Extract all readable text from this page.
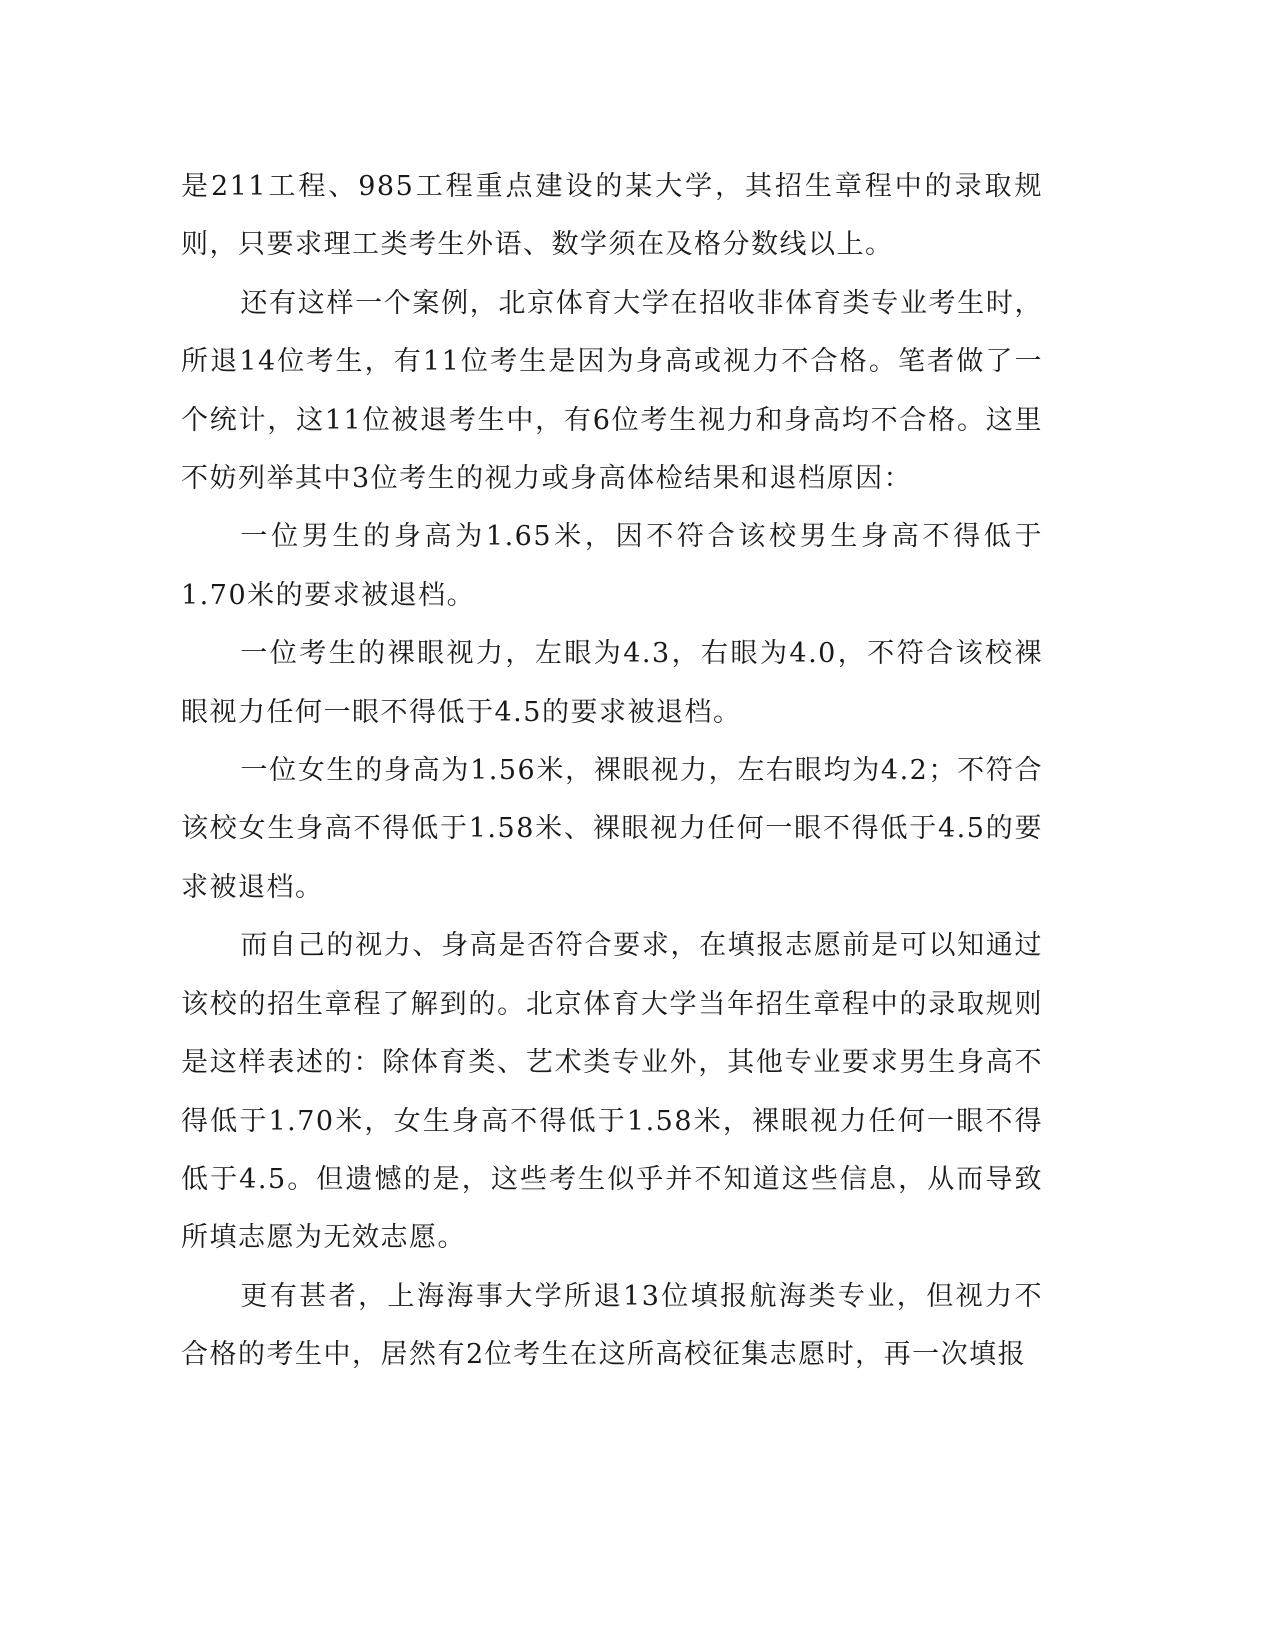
是211工程、985工程重点建设的某大学，其招生章程中的录取规则，只要求理工类考生外语、数学须在及格分数线以上。

还有这样一个案例，北京体育大学在招收非体育类专业考生时，所退14位考生，有11位考生是因为身高或视力不合格。笔者做了一个统计，这11位被退考生中，有6位考生视力和身高均不合格。这里不妨列举其中3位考生的视力或身高体检结果和退档原因：

一位男生的身高为1.65米，因不符合该校男生身高不得低于1.70米的要求被退档。

一位考生的裸眼视力，左眼为4.3，右眼为4.0，不符合该校裸眼视力任何一眼不得低于4.5的要求被退档。

一位女生的身高为1.56米，裸眼视力，左右眼均为4.2；不符合该校女生身高不得低于1.58米、裸眼视力任何一眼不得低于4.5的要求被退档。

而自己的视力、身高是否符合要求，在填报志愿前是可以知通过该校的招生章程了解到的。北京体育大学当年招生章程中的录取规则是这样表述的：除体育类、艺术类专业外，其他专业要求男生身高不得低于1.70米，女生身高不得低于1.58米，裸眼视力任何一眼不得低于4.5。但遗憾的是，这些考生似乎并不知道这些信息，从而导致所填志愿为无效志愿。

更有甚者，上海海事大学所退13位填报航海类专业，但视力不合格的考生中，居然有2位考生在这所高校征集志愿时，再一次填报
